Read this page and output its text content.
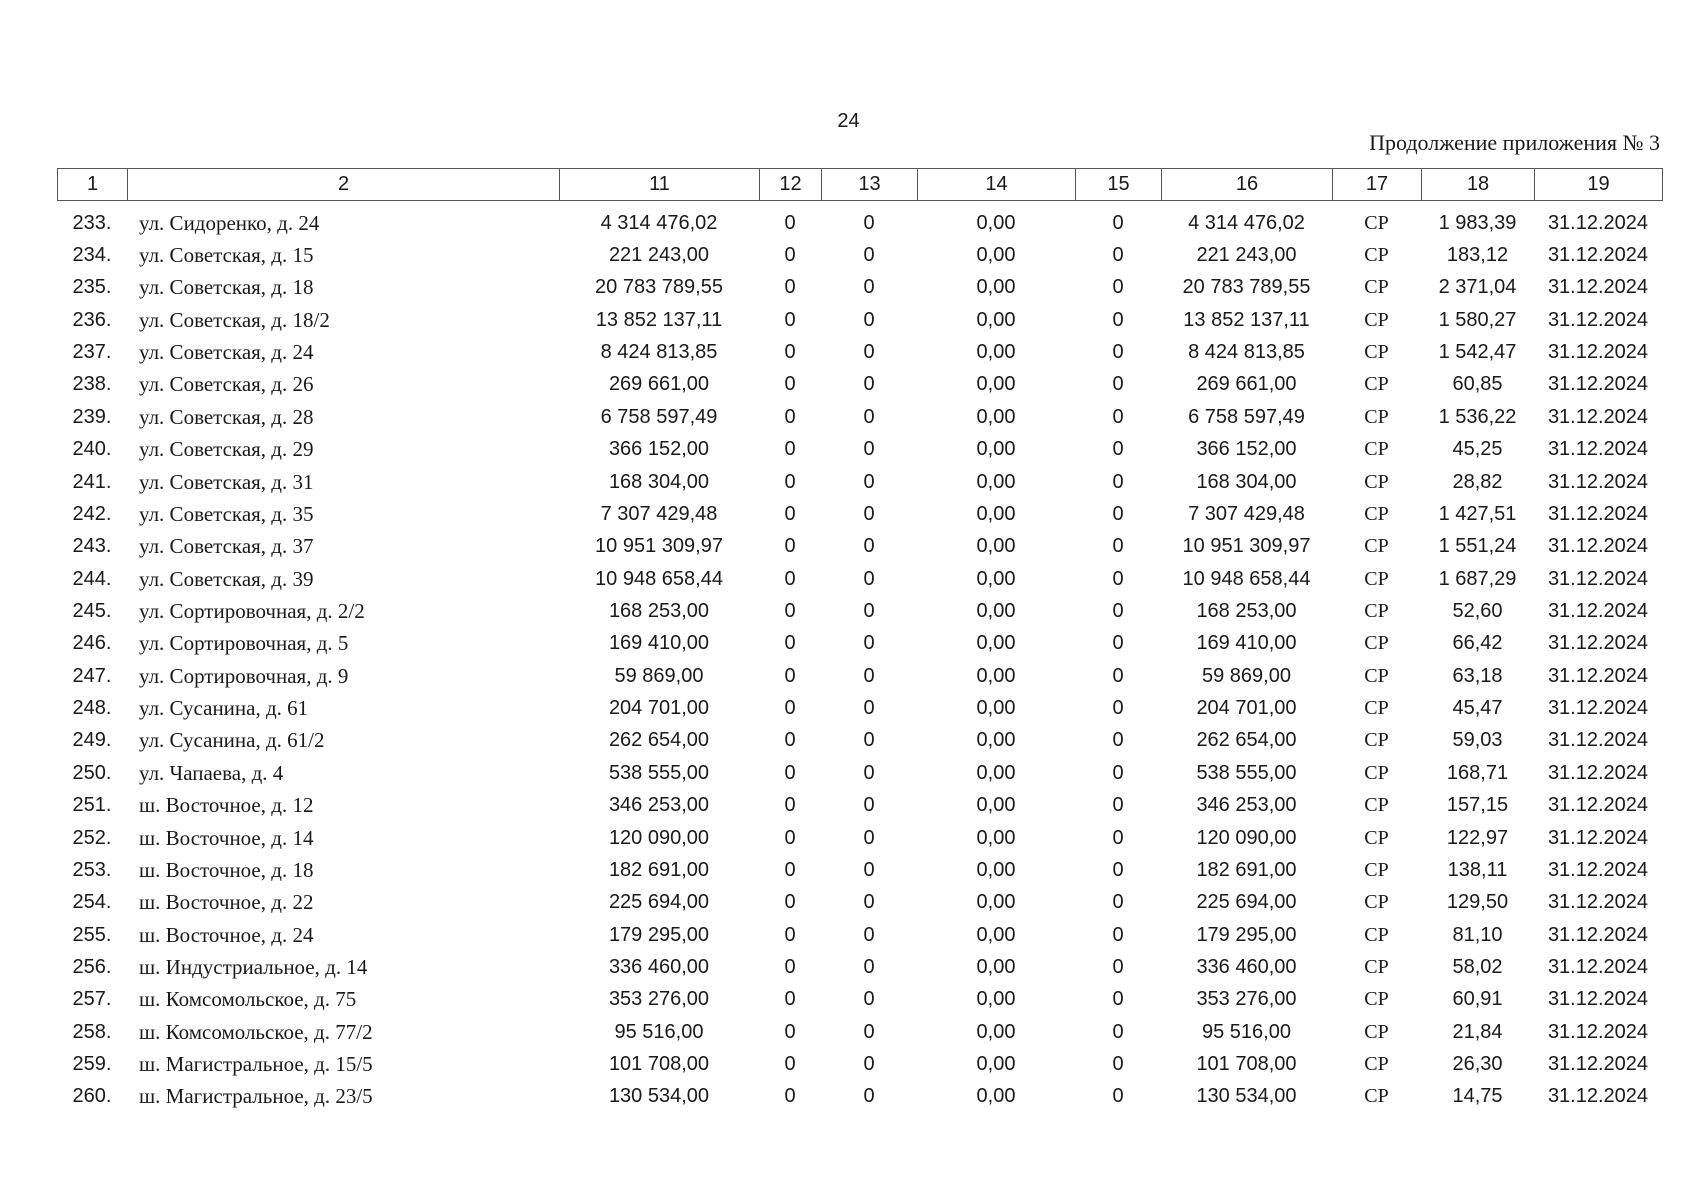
24
Продолжение приложения № 3
1	2	11	12	13	14	15	16	17	18	19
233.	ул. Сидоренко, д. 24	4 314 476,02	0	0	0,00	0	4 314 476,02	СР	1 983,39	31.12.2024
234.	ул. Советская, д. 15	221 243,00	0	0	0,00	0	221 243,00	СР	183,12	31.12.2024
235.	ул. Советская, д. 18	20 783 789,55	0	0	0,00	0	20 783 789,55	СР	2 371,04	31.12.2024
236.	ул. Советская, д. 18/2	13 852 137,11	0	0	0,00	0	13 852 137,11	СР	1 580,27	31.12.2024
237.	ул. Советская, д. 24	8 424 813,85	0	0	0,00	0	8 424 813,85	СР	1 542,47	31.12.2024
238.	ул. Советская, д. 26	269 661,00	0	0	0,00	0	269 661,00	СР	60,85	31.12.2024
239.	ул. Советская, д. 28	6 758 597,49	0	0	0,00	0	6 758 597,49	СР	1 536,22	31.12.2024
240.	ул. Советская, д. 29	366 152,00	0	0	0,00	0	366 152,00	СР	45,25	31.12.2024
241.	ул. Советская, д. 31	168 304,00	0	0	0,00	0	168 304,00	СР	28,82	31.12.2024
242.	ул. Советская, д. 35	7 307 429,48	0	0	0,00	0	7 307 429,48	СР	1 427,51	31.12.2024
243.	ул. Советская, д. 37	10 951 309,97	0	0	0,00	0	10 951 309,97	СР	1 551,24	31.12.2024
244.	ул. Советская, д. 39	10 948 658,44	0	0	0,00	0	10 948 658,44	СР	1 687,29	31.12.2024
245.	ул. Сортировочная, д. 2/2	168 253,00	0	0	0,00	0	168 253,00	СР	52,60	31.12.2024
246.	ул. Сортировочная, д. 5	169 410,00	0	0	0,00	0	169 410,00	СР	66,42	31.12.2024
247.	ул. Сортировочная, д. 9	59 869,00	0	0	0,00	0	59 869,00	СР	63,18	31.12.2024
248.	ул. Сусанина, д. 61	204 701,00	0	0	0,00	0	204 701,00	СР	45,47	31.12.2024
249.	ул. Сусанина, д. 61/2	262 654,00	0	0	0,00	0	262 654,00	СР	59,03	31.12.2024
250.	ул. Чапаева, д. 4	538 555,00	0	0	0,00	0	538 555,00	СР	168,71	31.12.2024
251.	ш. Восточное, д. 12	346 253,00	0	0	0,00	0	346 253,00	СР	157,15	31.12.2024
252.	ш. Восточное, д. 14	120 090,00	0	0	0,00	0	120 090,00	СР	122,97	31.12.2024
253.	ш. Восточное, д. 18	182 691,00	0	0	0,00	0	182 691,00	СР	138,11	31.12.2024
254.	ш. Восточное, д. 22	225 694,00	0	0	0,00	0	225 694,00	СР	129,50	31.12.2024
255.	ш. Восточное, д. 24	179 295,00	0	0	0,00	0	179 295,00	СР	81,10	31.12.2024
256.	ш. Индустриальное, д. 14	336 460,00	0	0	0,00	0	336 460,00	СР	58,02	31.12.2024
257.	ш. Комсомольское, д. 75	353 276,00	0	0	0,00	0	353 276,00	СР	60,91	31.12.2024
258.	ш. Комсомольское, д. 77/2	95 516,00	0	0	0,00	0	95 516,00	СР	21,84	31.12.2024
259.	ш. Магистральное, д. 15/5	101 708,00	0	0	0,00	0	101 708,00	СР	26,30	31.12.2024
260.	ш. Магистральное, д. 23/5	130 534,00	0	0	0,00	0	130 534,00	СР	14,75	31.12.2024
